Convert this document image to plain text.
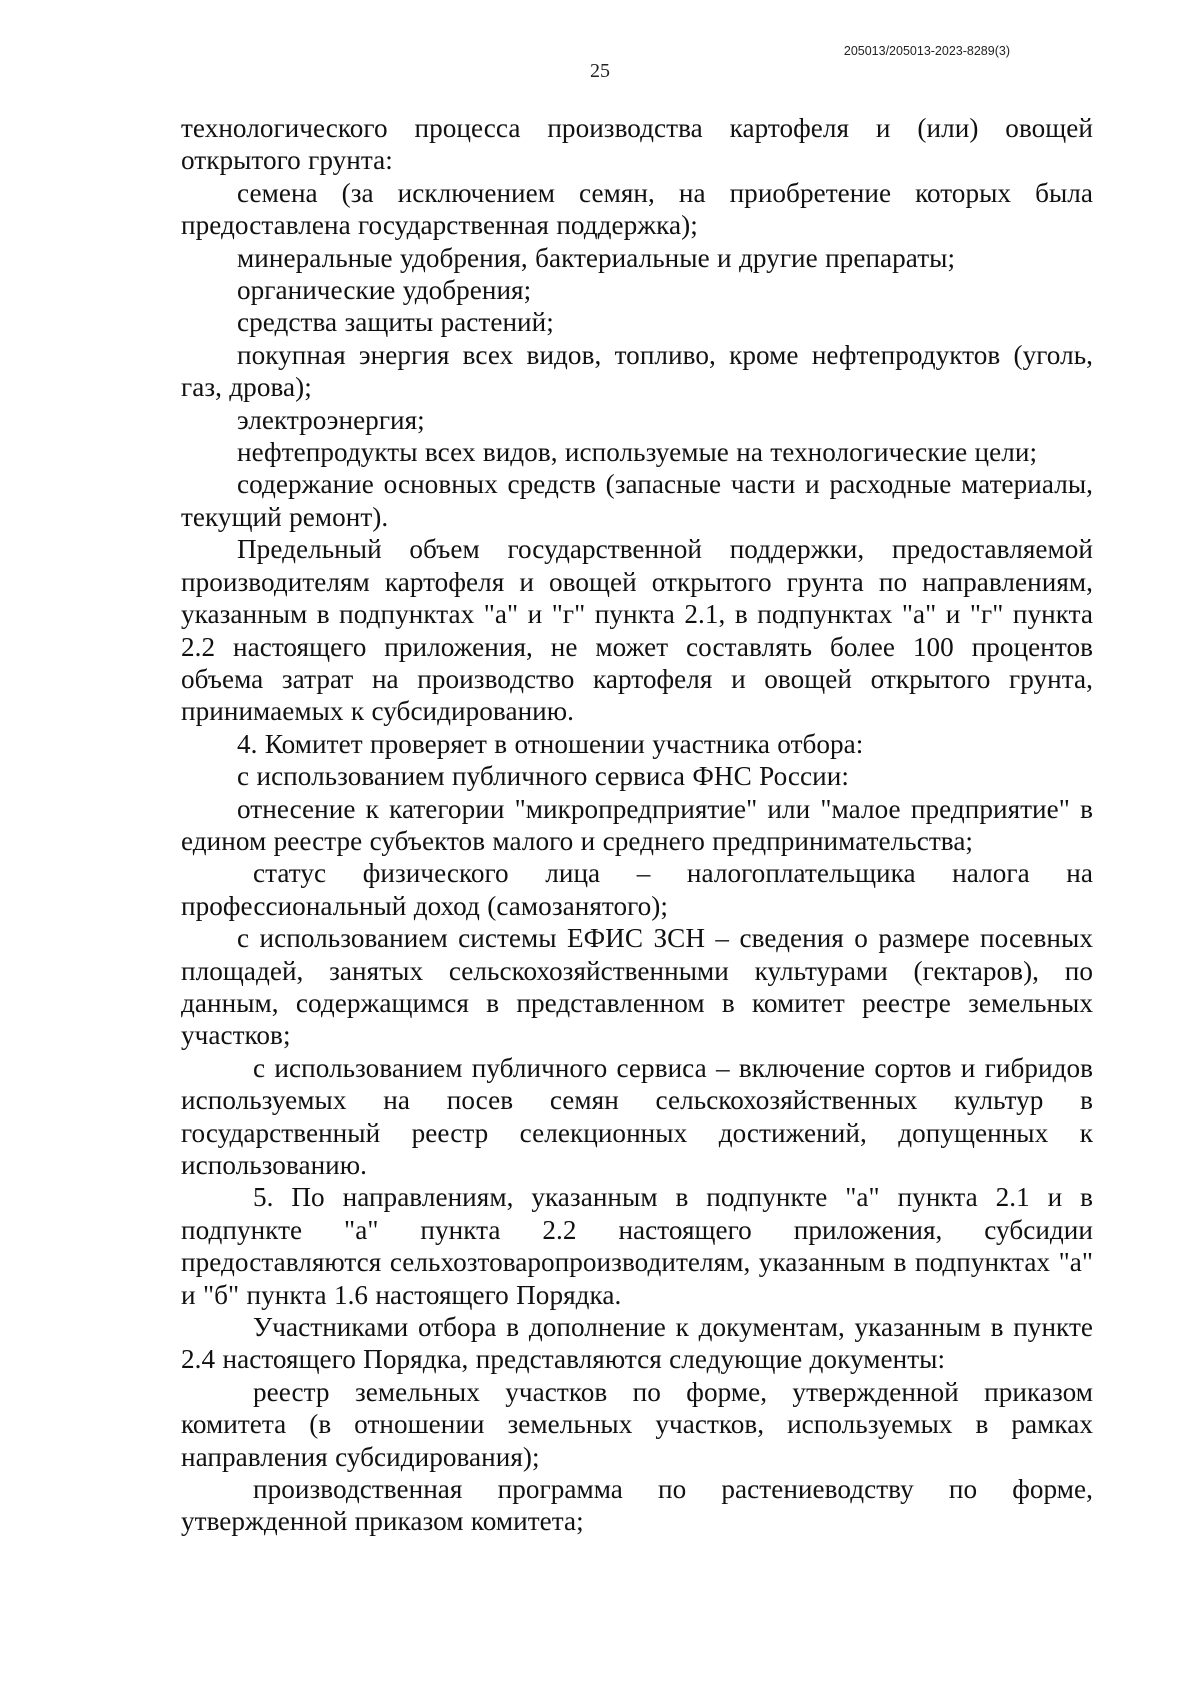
205013/205013-2023-8289(3)
25

технологического процесса производства картофеля и (или) овощей открытого грунта:

семена (за исключением семян, на приобретение которых была предоставлена государственная поддержка);

минеральные удобрения, бактериальные и другие препараты;

органические удобрения;

средства защиты растений;

покупная энергия всех видов, топливо, кроме нефтепродуктов (уголь, газ, дрова);

электроэнергия;

нефтепродукты всех видов, используемые на технологические цели;

содержание основных средств (запасные части и расходные материалы, текущий ремонт).

Предельный объем государственной поддержки, предоставляемой производителям картофеля и овощей открытого грунта по направлениям, указанным в подпунктах "а" и "г" пункта 2.1, в подпунктах "а" и "г" пункта 2.2 настоящего приложения, не может составлять более 100 процентов объема затрат на производство картофеля и овощей открытого грунта, принимаемых к субсидированию.

4. Комитет проверяет в отношении участника отбора:

с использованием публичного сервиса ФНС России:

отнесение к категории "микропредприятие" или "малое предприятие" в едином реестре субъектов малого и среднего предпринимательства;

статус физического лица – налогоплательщика налога на профессиональный доход (самозанятого);

с использованием системы ЕФИС ЗСН – сведения о размере посевных площадей, занятых сельскохозяйственными культурами (гектаров), по данным, содержащимся в представленном в комитет реестре земельных участков;

с использованием публичного сервиса – включение сортов и гибридов используемых на посев семян сельскохозяйственных культур в государственный реестр селекционных достижений, допущенных к использованию.

5. По направлениям, указанным в подпункте "а" пункта 2.1 и в подпункте "а" пункта 2.2 настоящего приложения, субсидии предоставляются сельхозтоваропроизводителям, указанным в подпунктах "а" и "б" пункта 1.6 настоящего Порядка.

Участниками отбора в дополнение к документам, указанным в пункте 2.4 настоящего Порядка, представляются следующие документы:

реестр земельных участков по форме, утвержденной приказом комитета (в отношении земельных участков, используемых в рамках направления субсидирования);

производственная программа по растениеводству по форме, утвержденной приказом комитета;
